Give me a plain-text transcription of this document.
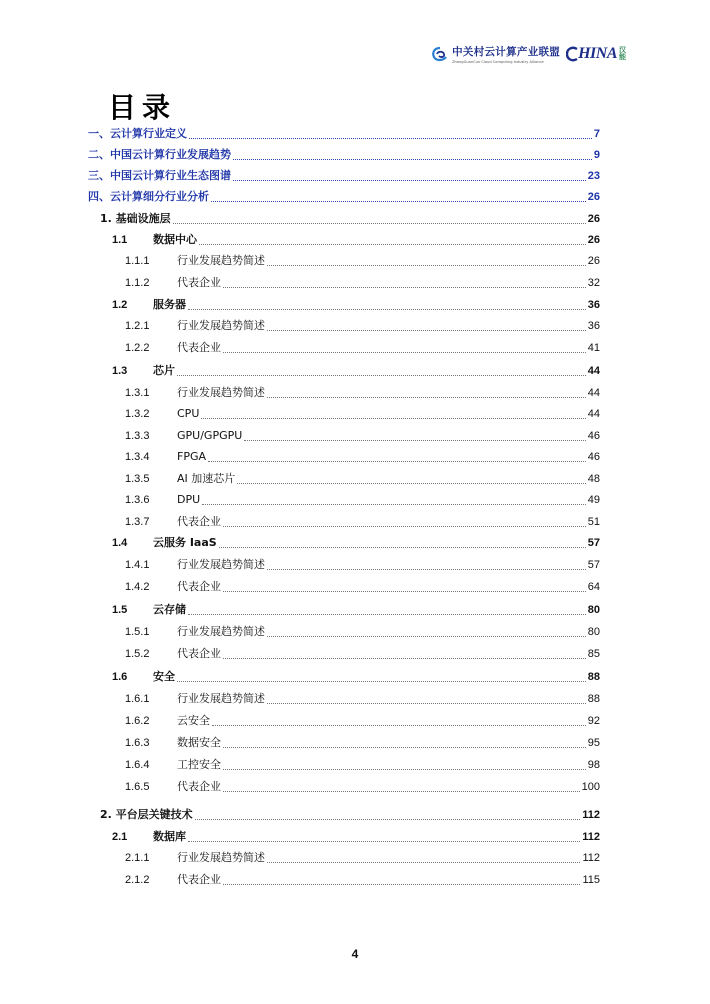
中关村云计算产业联盟
ZhongGuanCun Cloud Computing Industry Alliance	HINA 汉能
目录
一、云计算行业定义	7
二、中国云计算行业发展趋势	9
三、中国云计算行业生态图谱	23
四、云计算细分行业分析	26
1. 基础设施层	26
1.1 数据中心	26
1.1.1	行业发展趋势简述	26
1.1.2	代表企业	32
1.2 服务器	36
1.2.1	行业发展趋势简述	36
1.2.2	代表企业	41
1.3 芯片	44
1.3.1	行业发展趋势简述	44
1.3.2	CPU	44
1.3.3	GPU/GPGPU	46
1.3.4	FPGA	46
1.3.5	AI 加速芯片	48
1.3.6	DPU	49
1.3.7	代表企业	51
1.4 云服务 IaaS	57
1.4.1	行业发展趋势简述	57
1.4.2	代表企业	64
1.5 云存储	80
1.5.1	行业发展趋势简述	80
1.5.2	代表企业	85
1.6 安全	88
1.6.1	行业发展趋势简述	88
1.6.2	云安全	92
1.6.3	数据安全	95
1.6.4	工控安全	98
1.6.5	代表企业	100
2. 平台层关键技术	112
2.1 数据库	112
2.1.1	行业发展趋势简述	112
2.1.2	代表企业	115
4
